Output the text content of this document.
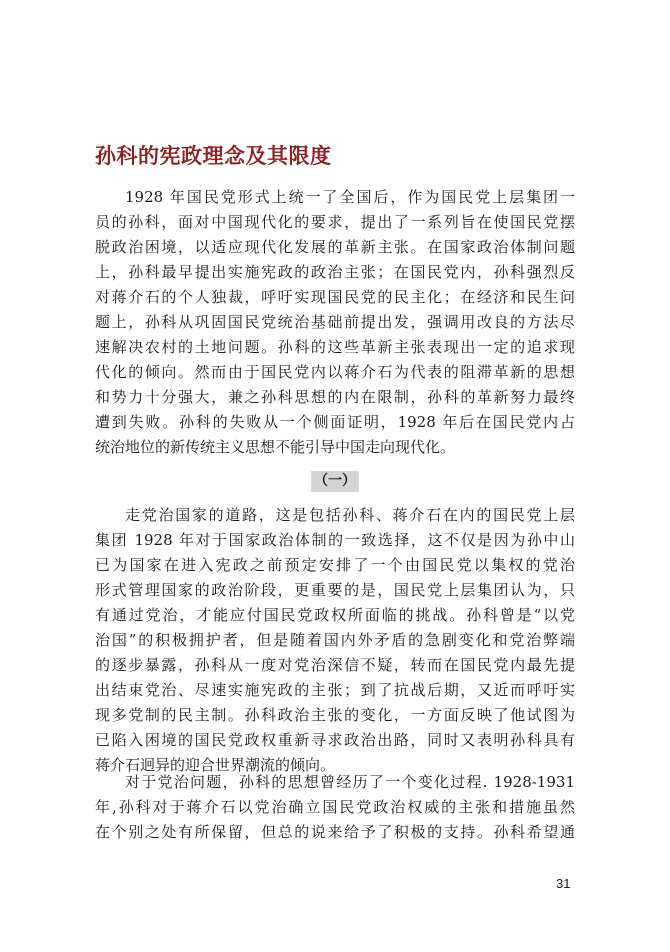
孙科的宪政理念及其限度
1928 年国民党形式上统一了全国后，作为国民党上层集团一
员的孙科，面对中国现代化的要求，提出了一系列旨在使国民党摆
脱政治困境，以适应现代化发展的革新主张。在国家政治体制问题
上，孙科最早提出实施宪政的政治主张；在国民党内，孙科强烈反
对蒋介石的个人独裁，呼吁实现国民党的民主化；在经济和民生问
题上，孙科从巩固国民党统治基础前提出发，强调用改良的方法尽
速解决农村的土地问题。孙科的这些革新主张表现出一定的追求现
代化的倾向。然而由于国民党内以蒋介石为代表的阻滞革新的思想
和势力十分强大，兼之孙科思想的内在限制，孙科的革新努力最终
遭到失败。孙科的失败从一个侧面证明，1928 年后在国民党内占
统治地位的新传统主义思想不能引导中国走向现代化。
（一）
走党治国家的道路，这是包括孙科、蒋介石在内的国民党上层
集团 1928 年对于国家政治体制的一致选择，这不仅是因为孙中山
已为国家在进入宪政之前预定安排了一个由国民党以集权的党治
形式管理国家的政治阶段，更重要的是，国民党上层集团认为，只
有通过党治，才能应付国民党政权所面临的挑战。孙科曾是“以党
治国”的积极拥护者，但是随着国内外矛盾的急剧变化和党治弊端
的逐步暴露，孙科从一度对党治深信不疑，转而在国民党内最先提
出结束党治、尽速实施宪政的主张；到了抗战后期，又近而呼吁实
现多党制的民主制。孙科政治主张的变化，一方面反映了他试图为
已陷入困境的国民党政权重新寻求政治出路，同时又表明孙科具有
蒋介石迥异的迎合世界潮流的倾向。
对于党治问题，孙科的思想曾经历了一个变化过程. 1928-1931
年,孙科对于蒋介石以党治确立国民党政治权威的主张和措施虽然
在个别之处有所保留，但总的说来给予了积极的支持。孙科希望通
31
